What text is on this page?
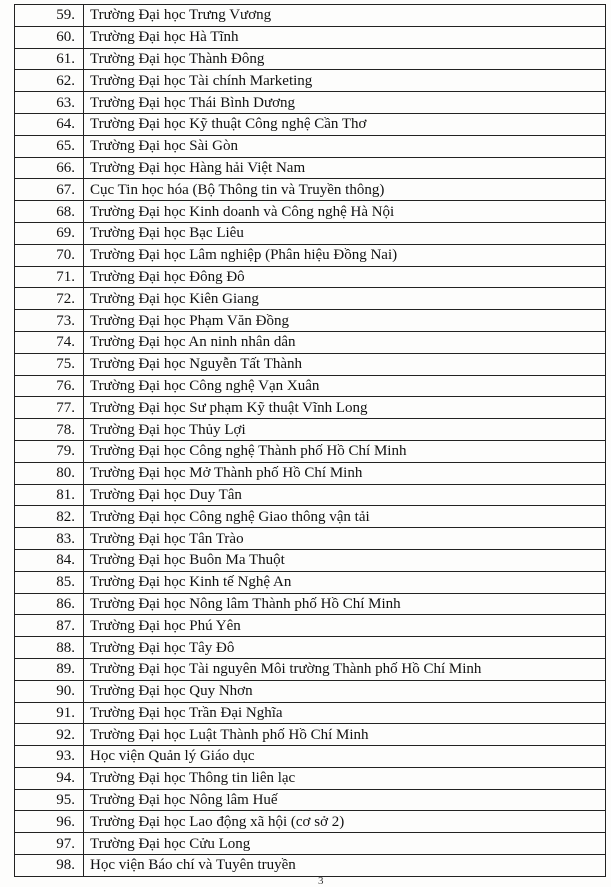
59.	Trường Đại học Trưng Vương
60.	Trường Đại học Hà Tĩnh
61.	Trường Đại học Thành Đông
62.	Trường Đại học Tài chính Marketing
63.	Trường Đại học Thái Bình Dương
64.	Trường Đại học Kỹ thuật Công nghệ Cần Thơ
65.	Trường Đại học Sài Gòn
66.	Trường Đại học Hàng hải Việt Nam
67.	Cục Tin học hóa (Bộ Thông tin và Truyền thông)
68.	Trường Đại học Kinh doanh và Công nghệ Hà Nội
69.	Trường Đại học Bạc Liêu
70.	Trường Đại học Lâm nghiệp (Phân hiệu Đồng Nai)
71.	Trường Đại học Đông Đô
72.	Trường Đại học Kiên Giang
73.	Trường Đại học Phạm Văn Đồng
74.	Trường Đại học An ninh nhân dân
75.	Trường Đại học Nguyễn Tất Thành
76.	Trường Đại học Công nghệ Vạn Xuân
77.	Trường Đại học Sư phạm Kỹ thuật Vĩnh Long
78.	Trường Đại học Thủy Lợi
79.	Trường Đại học Công nghệ Thành phố Hồ Chí Minh
80.	Trường Đại học Mở Thành phố Hồ Chí Minh
81.	Trường Đại học Duy Tân
82.	Trường Đại học Công nghệ Giao thông vận tải
83.	Trường Đại học Tân Trào
84.	Trường Đại học Buôn Ma Thuột
85.	Trường Đại học Kinh tế Nghệ An
86.	Trường Đại học Nông lâm Thành phố Hồ Chí Minh
87.	Trường Đại học Phú Yên
88.	Trường Đại học Tây Đô
89.	Trường Đại học Tài nguyên Môi trường Thành phố Hồ Chí Minh
90.	Trường Đại học Quy Nhơn
91.	Trường Đại học Trần Đại Nghĩa
92.	Trường Đại học Luật Thành phố Hồ Chí Minh
93.	Học viện Quản lý Giáo dục
94.	Trường Đại học Thông tin liên lạc
95.	Trường Đại học Nông lâm Huế
96.	Trường Đại học Lao động xã hội (cơ sở 2)
97.	Trường Đại học Cửu Long
98.	Học viện Báo chí và Tuyên truyền
3
